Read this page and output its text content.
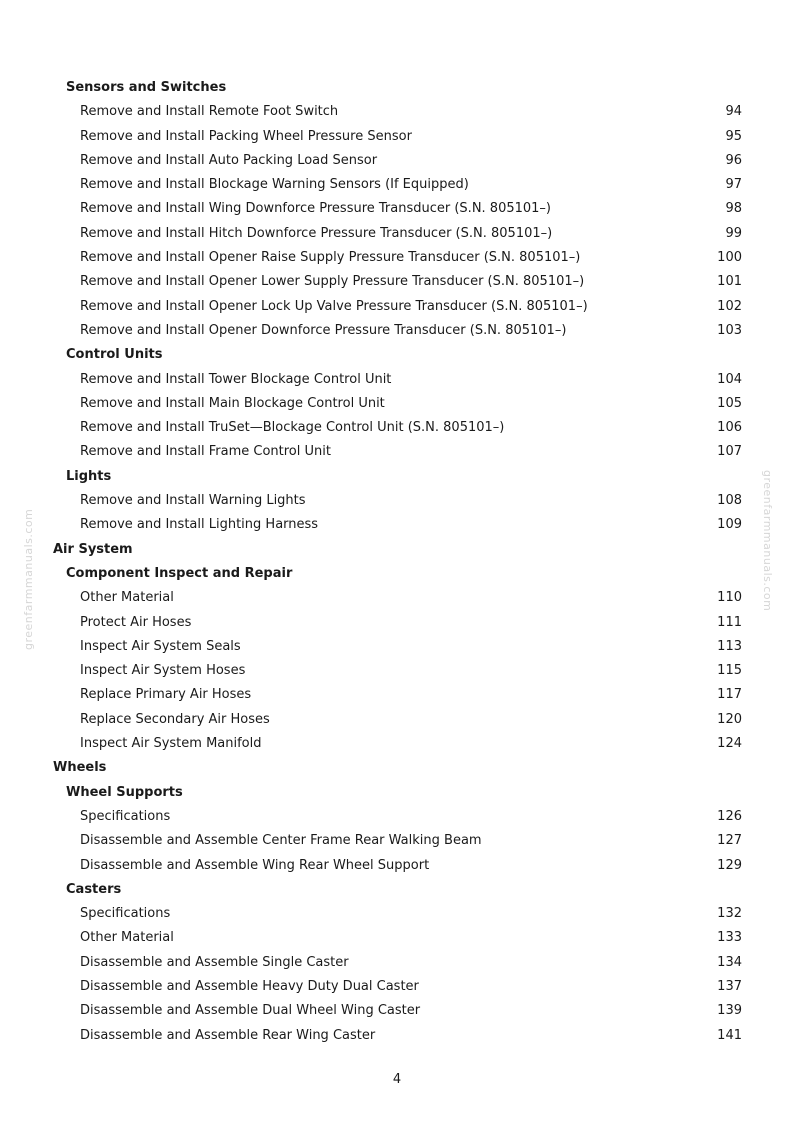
greenfarmmanuals.com	greenfarmmanuals.com
Sensors and Switches
Remove and Install Remote Foot Switch	94
Remove and Install Packing Wheel Pressure Sensor	95
Remove and Install Auto Packing Load Sensor	96
Remove and Install Blockage Warning Sensors (If Equipped)	97
Remove and Install Wing Downforce Pressure Transducer (S.N. 805101–)	98
Remove and Install Hitch Downforce Pressure Transducer (S.N. 805101–)	99
Remove and Install Opener Raise Supply Pressure Transducer (S.N. 805101–)	100
Remove and Install Opener Lower Supply Pressure Transducer (S.N. 805101–)	101
Remove and Install Opener Lock Up Valve Pressure Transducer (S.N. 805101–)	102
Remove and Install Opener Downforce Pressure Transducer (S.N. 805101–)	103
Control Units
Remove and Install Tower Blockage Control Unit	104
Remove and Install Main Blockage Control Unit	105
Remove and Install TruSet—Blockage Control Unit (S.N. 805101–)	106
Remove and Install Frame Control Unit	107
Lights
Remove and Install Warning Lights	108
Remove and Install Lighting Harness	109
Air System
Component Inspect and Repair
Other Material	110
Protect Air Hoses	111
Inspect Air System Seals	113
Inspect Air System Hoses	115
Replace Primary Air Hoses	117
Replace Secondary Air Hoses	120
Inspect Air System Manifold	124
Wheels
Wheel Supports
Specifications	126
Disassemble and Assemble Center Frame Rear Walking Beam	127
Disassemble and Assemble Wing Rear Wheel Support	129
Casters
Specifications	132
Other Material	133
Disassemble and Assemble Single Caster	134
Disassemble and Assemble Heavy Duty Dual Caster	137
Disassemble and Assemble Dual Wheel Wing Caster	139
Disassemble and Assemble Rear Wing Caster	141
4
